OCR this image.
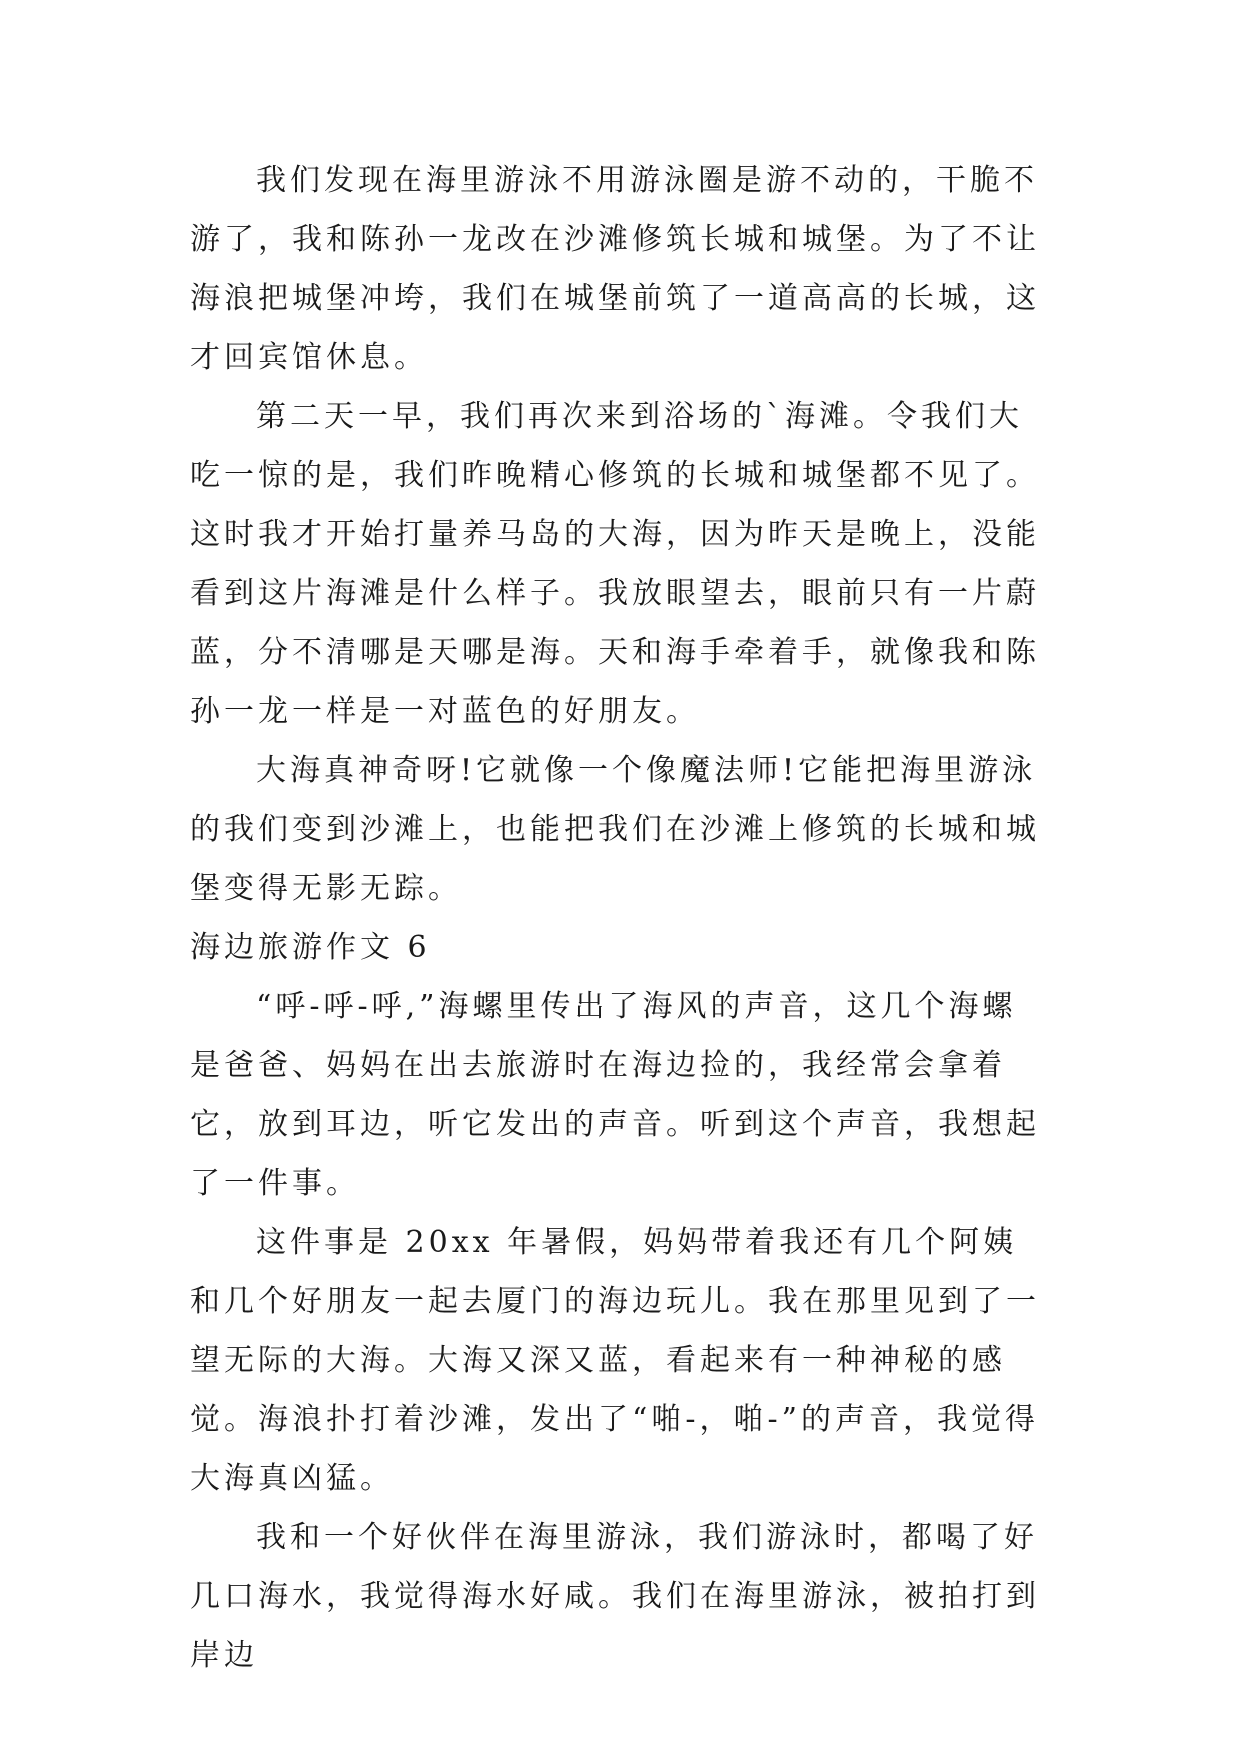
我们发现在海里游泳不用游泳圈是游不动的，干脆不游了，我和陈孙一龙改在沙滩修筑长城和城堡。为了不让海浪把城堡冲垮，我们在城堡前筑了一道高高的长城，这才回宾馆休息。

第二天一早，我们再次来到浴场的`海滩。令我们大吃一惊的是，我们昨晚精心修筑的长城和城堡都不见了。这时我才开始打量养马岛的大海，因为昨天是晚上，没能看到这片海滩是什么样子。我放眼望去，眼前只有一片蔚蓝，分不清哪是天哪是海。天和海手牵着手，就像我和陈孙一龙一样是一对蓝色的好朋友。

大海真神奇呀!它就像一个像魔法师!它能把海里游泳的我们变到沙滩上，也能把我们在沙滩上修筑的长城和城堡变得无影无踪。

海边旅游作文 6

“呼-呼-呼,”海螺里传出了海风的声音，这几个海螺是爸爸、妈妈在出去旅游时在海边捡的，我经常会拿着它，放到耳边，听它发出的声音。听到这个声音，我想起了一件事。

这件事是 20xx 年暑假，妈妈带着我还有几个阿姨和几个好朋友一起去厦门的海边玩儿。我在那里见到了一望无际的大海。大海又深又蓝，看起来有一种神秘的感觉。海浪扑打着沙滩，发出了“啪-，啪-”的声音，我觉得大海真凶猛。

我和一个好伙伴在海里游泳，我们游泳时，都喝了好几口海水，我觉得海水好咸。我们在海里游泳，被拍打到岸边
